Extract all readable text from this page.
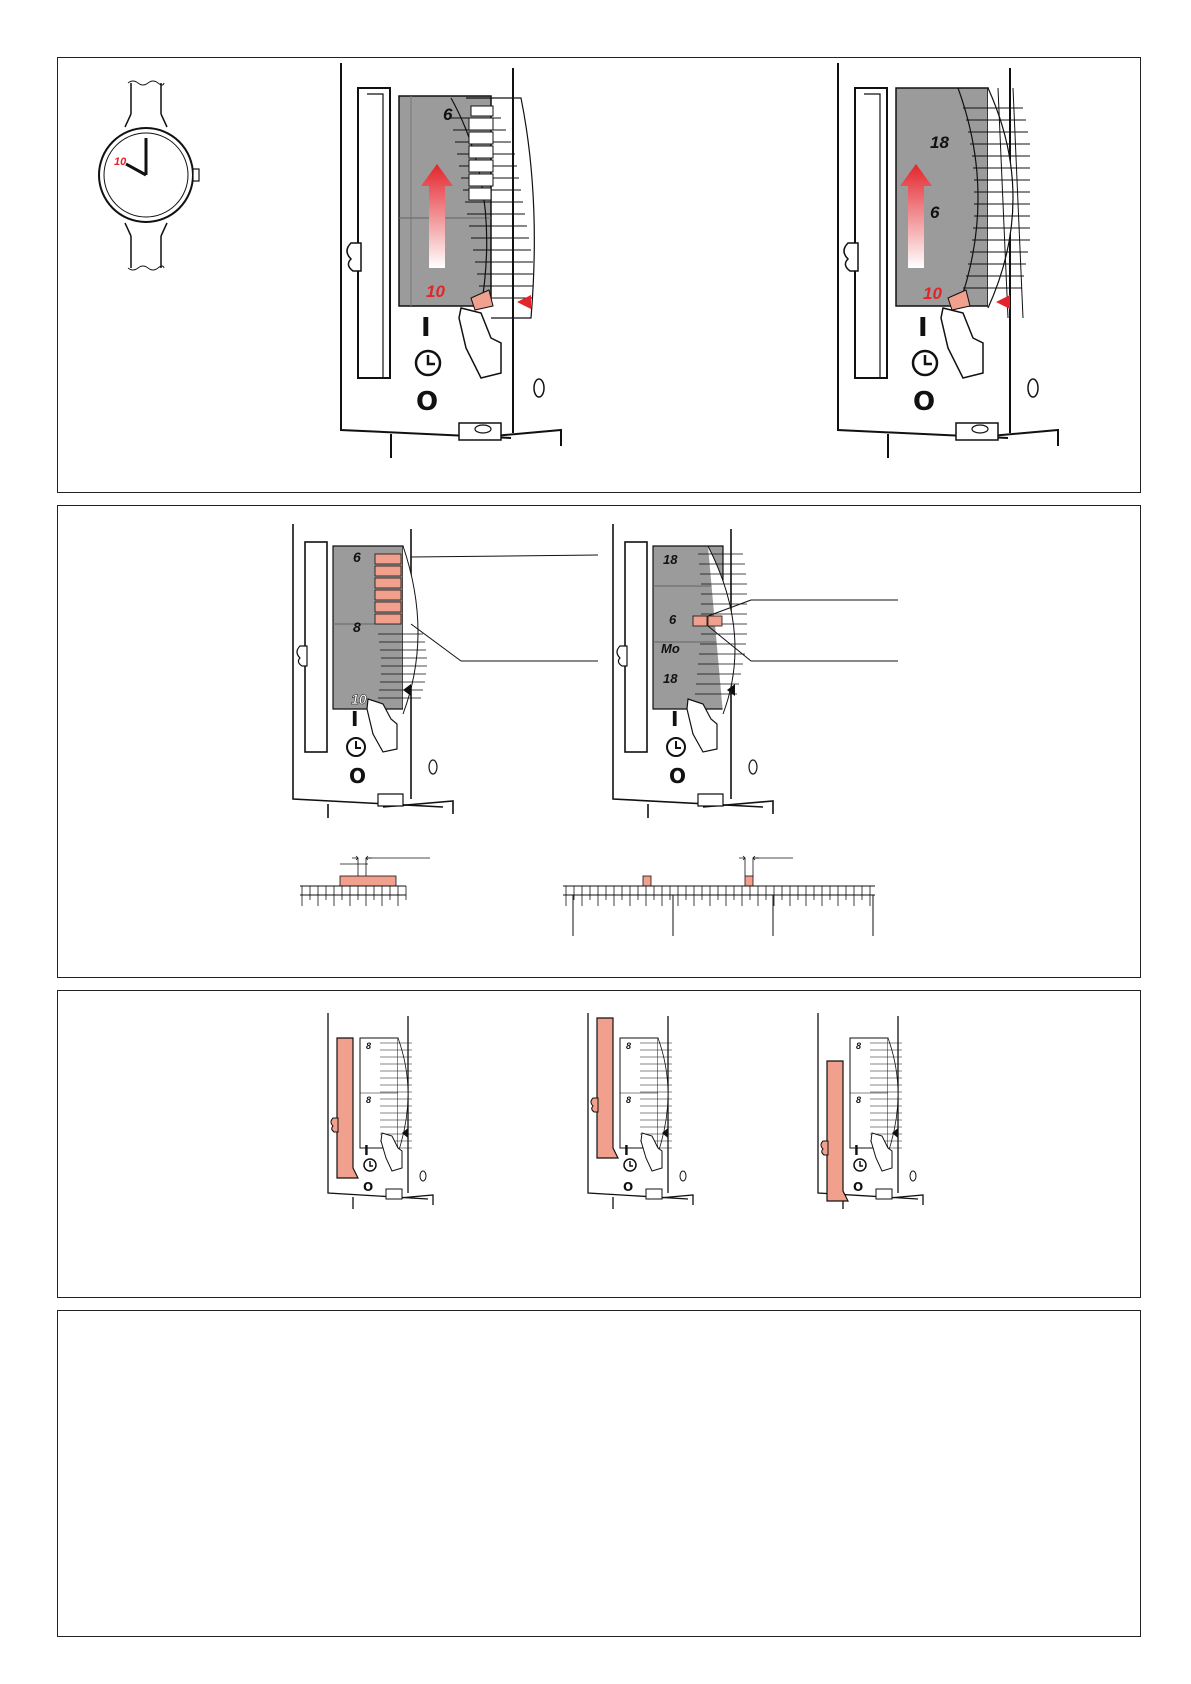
10
6
10
I
O
18
6
10
I
O
6
8
10
I
O
18
6
Mo
18
I
O
8
8
I
O
8
8
I
O
8
8
I
O
